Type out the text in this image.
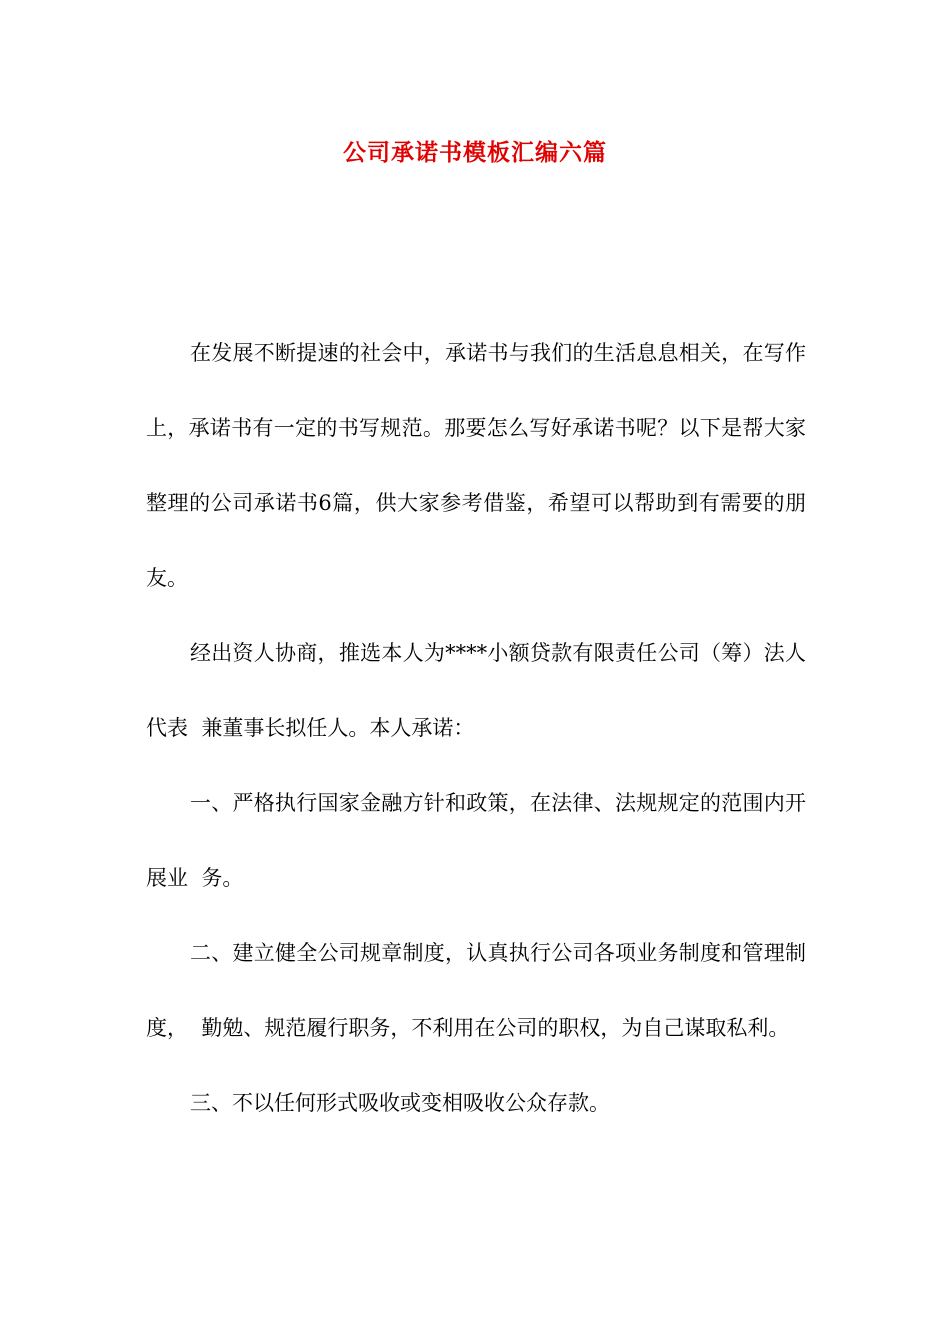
公司承诺书模板汇编六篇

在发展不断提速的社会中，承诺书与我们的生活息息相关，在写作上，承诺书有一定的书写规范。那要怎么写好承诺书呢？以下是帮大家整理的公司承诺书6篇，供大家参考借鉴，希望可以帮助到有需要的朋友。

经出资人协商，推选本人为****小额贷款有限责任公司（筹）法人代表  兼董事长拟任人。本人承诺：

一、严格执行国家金融方针和政策，在法律、法规规定的范围内开展业  务。

二、建立健全公司规章制度，认真执行公司各项业务制度和管理制度，  勤勉、规范履行职务，不利用在公司的职权，为自己谋取私利。

三、不以任何形式吸收或变相吸收公众存款。
